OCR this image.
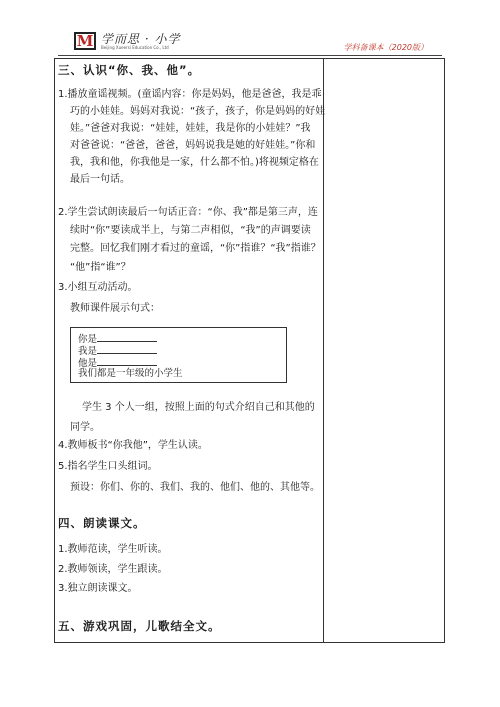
M 学而思 · 小学
Beijing Xueersi Education Co., Ltd	学科备课本（2020版）
三、认识“你、我、他”。
1.播放童谣视频。(童谣内容：你是妈妈，他是爸爸，我是乖
巧的小娃娃。妈妈对我说：“孩子，孩子，你是妈妈的好娃
娃。”爸爸对我说：“娃娃，娃娃，我是你的小娃娃？”我
对爸爸说：“爸爸，爸爸，妈妈说我是她的好娃娃。”你和
我，我和他，你我他是一家，什么都不怕。)将视频定格在
最后一句话。
2.学生尝试朗读最后一句话正音：“你、我”都是第三声，连
续时“你”要读成半上，与第二声相似，“我”的声调要读
完整。回忆我们刚才看过的童谣，“你”指谁？“我”指谁？
“他”指“谁”？
3.小组互动活动。
教师课件展示句式：
你是
我是
他是
我们都是一年级的小学生
学生 3 个人一组，按照上面的句式介绍自己和其他的
同学。
4.教师板书“你我他”，学生认读。
5.指名学生口头组词。
预设：你们、你的、我们、我的、他们、他的、其他等。
四、朗读课文。
1.教师范读，学生听读。
2.教师领读，学生跟读。
3.独立朗读课文。
五、游戏巩固，儿歌结全文。
